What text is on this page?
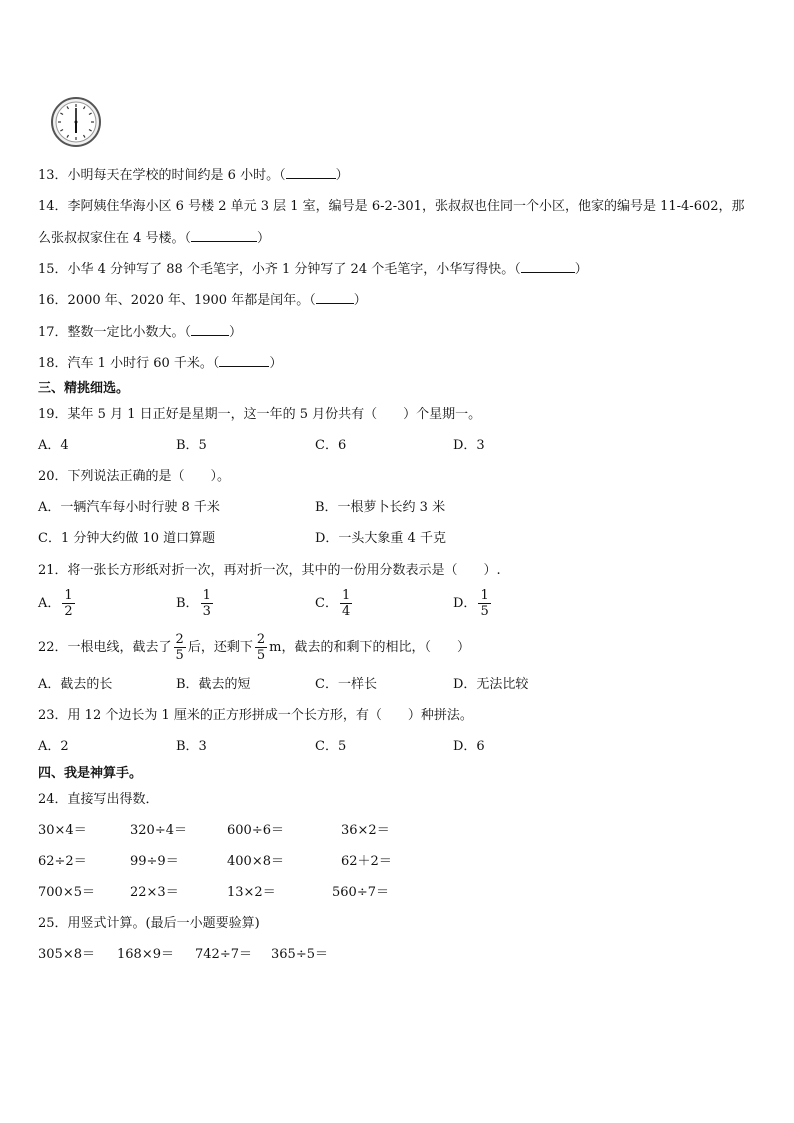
13．小明每天在学校的时间约是 6 小时。（	）
14．李阿姨住华海小区 6 号楼 2 单元 3 层 1 室，编号是 6-2-301，张叔叔也住同一个小区，他家的编号是 11-4-602，那
么张叔叔家住在 4 号楼。（	）
15．小华 4 分钟写了 88 个毛笔字，小齐 1 分钟写了 24 个毛笔字，小华写得快。（	）
16．2000 年、2020 年、1900 年都是闰年。（	）
17．整数一定比小数大。（	）
18．汽车 1 小时行 60 千米。（	）
三、精挑细选。
19．某年 5 月 1 日正好是星期一，这一年的 5 月份共有（　　）个星期一。
A．4	B．5	C．6	D．3
20．下列说法正确的是（　　）。
A．一辆汽车每小时行驶 8 千米	B．一根萝卜长约 3 米
C．1 分钟大约做 10 道口算题	D．一头大象重 4 千克
21．将一张长方形纸对折一次，再对折一次，其中的一份用分数表示是（　　）.
A． $\frac{1}{2}$	B． $\frac{1}{3}$	C． $\frac{1}{4}$	D． $\frac{1}{5}$
22．一根电线，截去了 $\frac{2}{5}$ 后，还剩下 $\frac{2}{5}$ m，截去的和剩下的相比，（　　）
A．截去的长	B．截去的短	C．一样长	D．无法比较
23．用 12 个边长为 1 厘米的正方形拼成一个长方形，有（　　）种拼法。
A．2	B．3	C．5	D．6
四、我是神算手。
24．直接写出得数．
30×4＝	320÷4＝	600÷6＝	36×2＝
62÷2＝	99÷9＝	400×8＝	62＋2＝
700×5＝	22×3＝	13×2＝	560÷7＝
25．用竖式计算。(最后一小题要验算)
305×8＝ 168×9＝ 742÷7＝ 365÷5＝
